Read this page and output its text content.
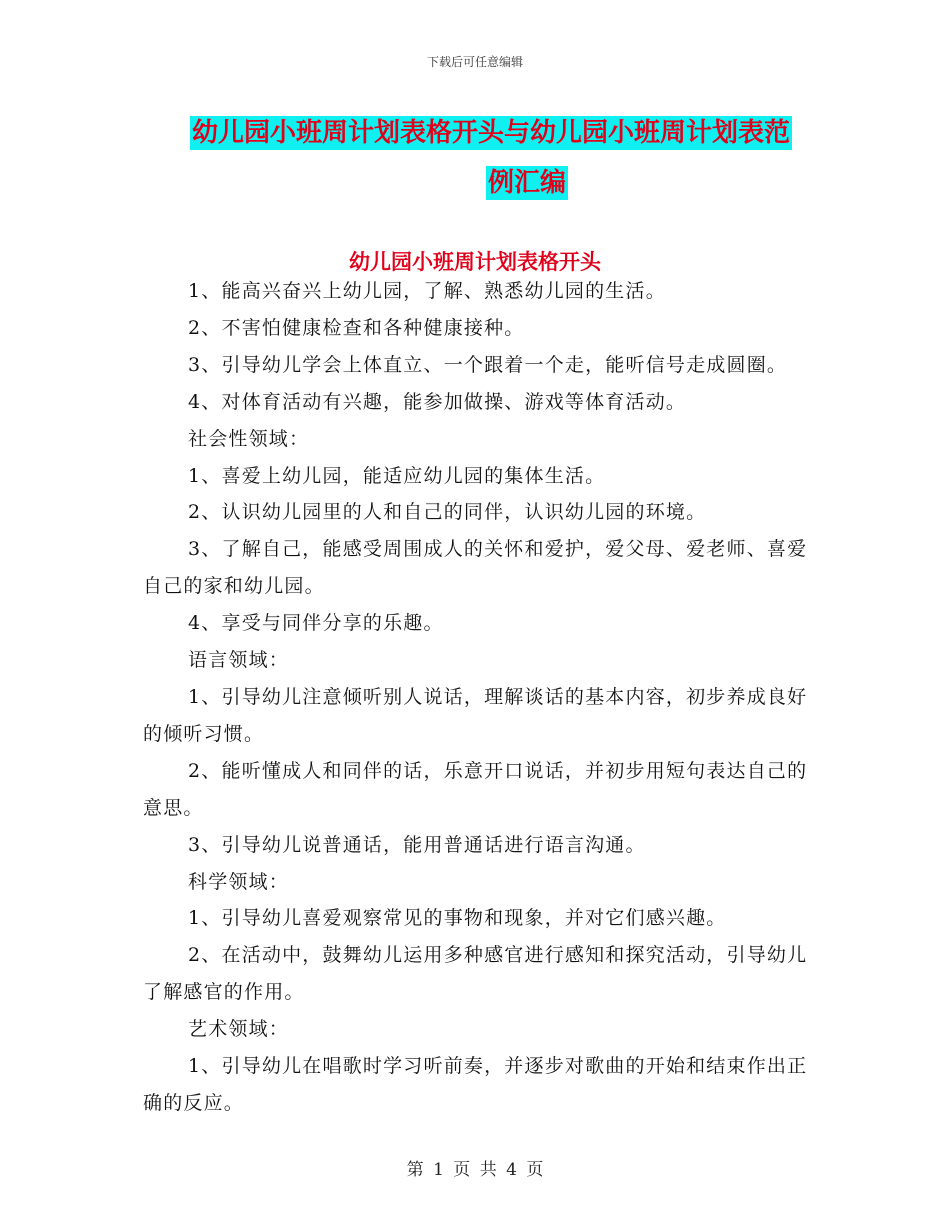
下载后可任意编辑
幼儿园小班周计划表格开头与幼儿园小班周计划表范
例汇编
幼儿园小班周计划表格开头

1、能高兴奋兴上幼儿园，了解、熟悉幼儿园的生活。

2、不害怕健康检查和各种健康接种。

3、引导幼儿学会上体直立、一个跟着一个走，能听信号走成圆圈。

4、对体育活动有兴趣，能参加做操、游戏等体育活动。

社会性领域：

1、喜爱上幼儿园，能适应幼儿园的集体生活。

2、认识幼儿园里的人和自己的同伴，认识幼儿园的环境。

3、了解自己，能感受周围成人的关怀和爱护，爱父母、爱老师、喜爱自己的家和幼儿园。

4、享受与同伴分享的乐趣。

语言领域：

1、引导幼儿注意倾听别人说话，理解谈话的基本内容，初步养成良好的倾听习惯。

2、能听懂成人和同伴的话，乐意开口说话，并初步用短句表达自己的意思。

3、引导幼儿说普通话，能用普通话进行语言沟通。

科学领域：

1、引导幼儿喜爱观察常见的事物和现象，并对它们感兴趣。

2、在活动中，鼓舞幼儿运用多种感官进行感知和探究活动，引导幼儿了解感官的作用。

艺术领域：

1、引导幼儿在唱歌时学习听前奏，并逐步对歌曲的开始和结束作出正确的反应。

第 1 页 共 4 页
